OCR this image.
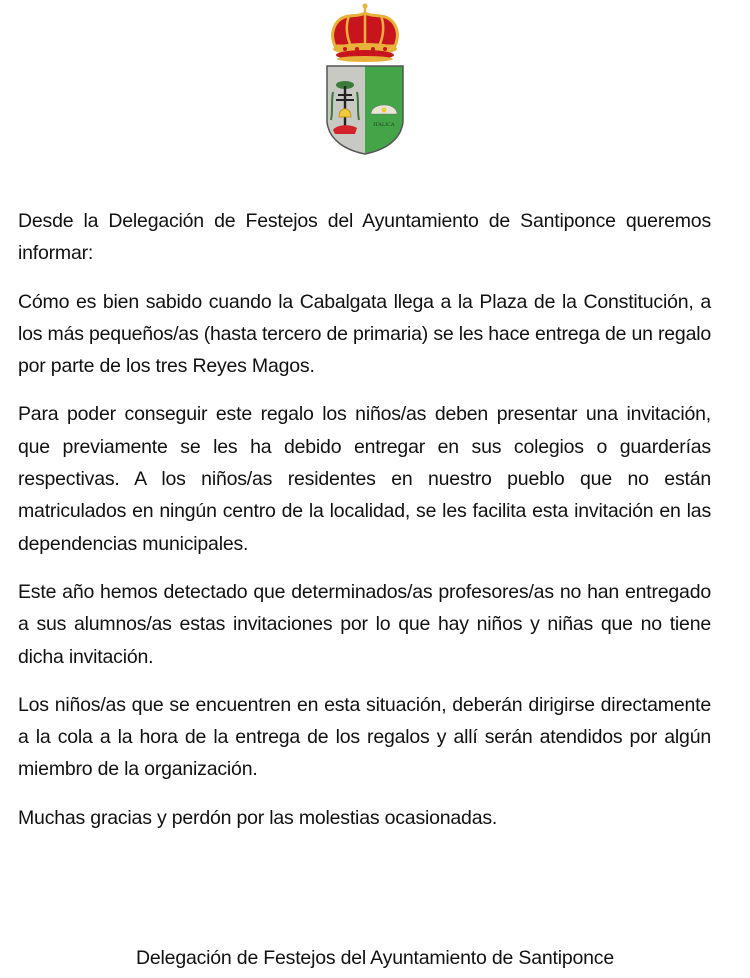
ITALICA

Desde la Delegación de Festejos del Ayuntamiento de Santiponce queremos informar:

Cómo es bien sabido cuando la Cabalgata llega a la Plaza de la Constitución, a los más pequeños/as (hasta tercero de primaria) se les hace entrega de un regalo por parte de los tres Reyes Magos.

Para poder conseguir este regalo los niños/as deben presentar una invitación, que previamente se les ha debido entregar en sus colegios o guarderías respectivas. A los niños/as residentes en nuestro pueblo que no están matriculados en ningún centro de la localidad, se les facilita esta invitación en las dependencias municipales.

Este año hemos detectado que determinados/as profesores/as no han entregado a sus alumnos/as estas invitaciones por lo que hay niños y niñas que no tiene dicha invitación.

Los niños/as que se encuentren en esta situación, deberán dirigirse directamente a la cola a la hora de la entrega de los regalos y allí serán atendidos por algún miembro de la organización.

Muchas gracias y perdón por las molestias ocasionadas.

Delegación de Festejos del Ayuntamiento de Santiponce
